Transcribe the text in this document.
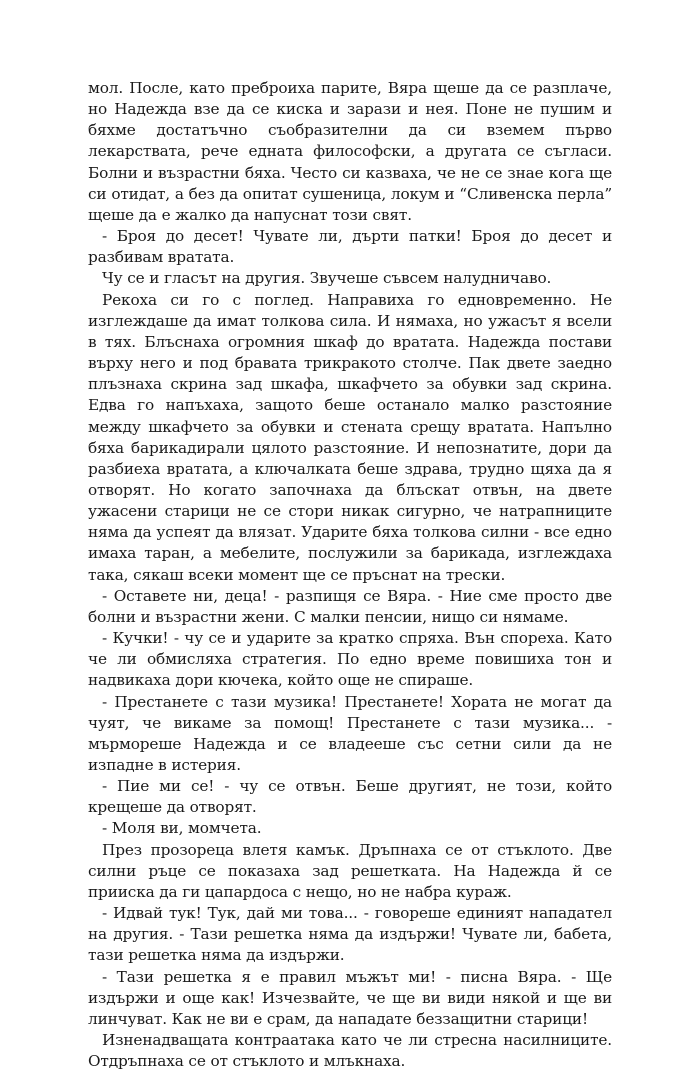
мол. После, като преброиха парите, Вяра щеше да се разплаче, но Надежда взе да се киска и зарази и нея. Поне не пушим и бяхме достатъчно съобразителни да си вземем първо лекарствата, рече едната философски, а другата се съгласи. Болни и възрастни бяха. Често си казваха, че не се знае кога ще си отидат, а без да опитат сушеница, локум и “Сливенска перла” щеше да е жалко да напуснат този свят.

- Броя до десет! Чувате ли, дърти патки! Броя до десет и разбивам вратата.

Чу се и гласът на другия. Звучеше съвсем налудничаво.

Рекоха си го с поглед. Направиха го едновременно. Не изглеждаше да имат толкова сила. И нямаха, но ужасът я всели в тях. Блъснаха огромния шкаф до вратата. Надежда постави върху него и под бравата трикракото столче. Пак двете заедно плъзнаха скрина зад шкафа, шкафчето за обувки зад скрина. Едва го напъхаха, защото беше останало малко разстояние между шкафчето за обувки и стената срещу вратата. Напълно бяха барикадирали цялото разстояние. И непознатите, дори да разбиеха вратата, а ключалката беше здрава, трудно щяха да я отворят. Но когато започнаха да блъскат отвън, на двете ужасени старици не се стори никак сигурно, че натрапниците няма да успеят да влязат. Ударите бяха толкова силни - все едно имаха таран, а мебелите, послужили за барикада, изглеждаха така, сякаш всеки момент ще се пръснат на трески.

- Оставете ни, деца! - разпищя се Вяра. - Ние сме просто две болни и възрастни жени. С малки пенсии, нищо си нямаме.

- Кучки! - чу се и ударите за кратко спряха. Вън спореха. Като че ли обмисляха стратегия. По едно време повишиха тон и надвикаха дори кючека, който още не спираше.

- Престанете с тази музика! Престанете! Хората не могат да чуят, че викаме за помощ! Престанете с тази музика... - мърмореше Надежда и се владееше със сетни сили да не изпадне в истерия.

- Пие ми се! - чу се отвън. Беше другият, не този, който крещеше да отворят.

- Моля ви, момчета.

През прозореца влетя камък. Дръпнаха се от стъклото. Две силни ръце се показаха зад решетката. На Надежда й се прииска да ги цапардоса с нещо, но не набра кураж.

- Идвай тук! Тук, дай ми това... - говореше единият нападател на другия. - Тази решетка няма да издържи! Чувате ли, бабета, тази решетка няма да издържи.

- Тази решетка я е правил мъжът ми! - писна Вяра. - Ще издържи и още как! Изчезвайте, че ще ви види някой и ще ви линчуват. Как не ви е срам, да нападате беззащитни старици!

Изненадващата контраатака като че ли стресна насилниците. Отдръпнаха се от стъклото и млъкнаха.
